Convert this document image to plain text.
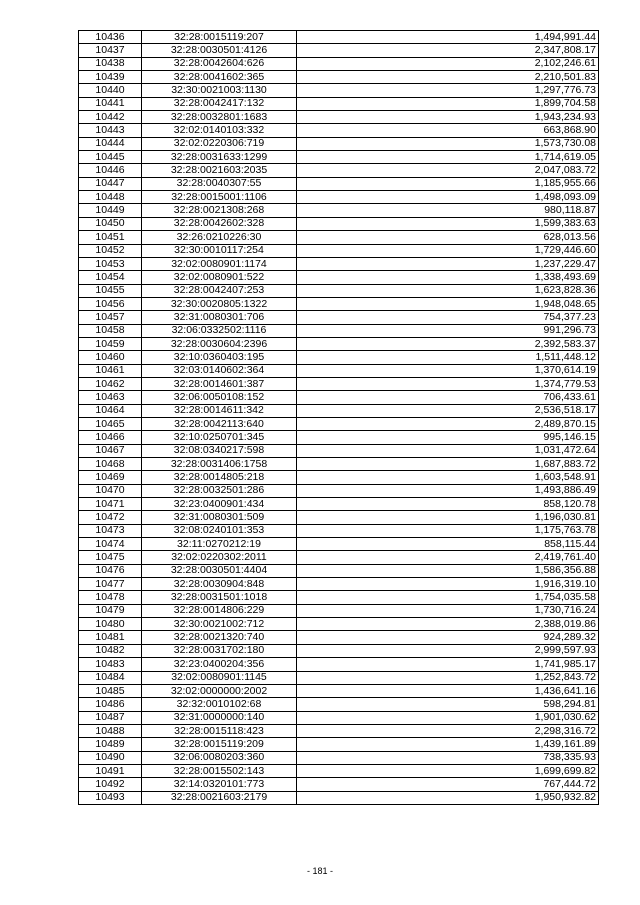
10436	32:28:0015119:207	1,494,991.44
10437	32:28:0030501:4126	2,347,808.17
10438	32:28:0042604:626	2,102,246.61
10439	32:28:0041602:365	2,210,501.83
10440	32:30:0021003:1130	1,297,776.73
10441	32:28:0042417:132	1,899,704.58
10442	32:28:0032801:1683	1,943,234.93
10443	32:02:0140103:332	663,868.90
10444	32:02:0220306:719	1,573,730.08
10445	32:28:0031633:1299	1,714,619.05
10446	32:28:0021603:2035	2,047,083.72
10447	32:28:0040307:55	1,185,955.66
10448	32:28:0015001:1106	1,498,093.09
10449	32:28:0021308:268	980,118.87
10450	32:28:0042602:328	1,599,383.63
10451	32:26:0210226:30	628,013.56
10452	32:30:0010117:254	1,729,446.60
10453	32:02:0080901:1174	1,237,229.47
10454	32:02:0080901:522	1,338,493.69
10455	32:28:0042407:253	1,623,828.36
10456	32:30:0020805:1322	1,948,048.65
10457	32:31:0080301:706	754,377.23
10458	32:06:0332502:1116	991,296.73
10459	32:28:0030604:2396	2,392,583.37
10460	32:10:0360403:195	1,511,448.12
10461	32:03:0140602:364	1,370,614.19
10462	32:28:0014601:387	1,374,779.53
10463	32:06:0050108:152	706,433.61
10464	32:28:0014611:342	2,536,518.17
10465	32:28:0042113:640	2,489,870.15
10466	32:10:0250701:345	995,146.15
10467	32:08:0340217:598	1,031,472.64
10468	32:28:0031406:1758	1,687,883.72
10469	32:28:0014805:218	1,603,548.91
10470	32:28:0032501:286	1,493,886.49
10471	32:23:0400901:434	858,120.78
10472	32:31:0080301:509	1,196,030.81
10473	32:08:0240101:353	1,175,763.78
10474	32:11:0270212:19	858,115.44
10475	32:02:0220302:2011	2,419,761.40
10476	32:28:0030501:4404	1,586,356.88
10477	32:28:0030904:848	1,916,319.10
10478	32:28:0031501:1018	1,754,035.58
10479	32:28:0014806:229	1,730,716.24
10480	32:30:0021002:712	2,388,019.86
10481	32:28:0021320:740	924,289.32
10482	32:28:0031702:180	2,999,597.93
10483	32:23:0400204:356	1,741,985.17
10484	32:02:0080901:1145	1,252,843.72
10485	32:02:0000000:2002	1,436,641.16
10486	32:32:0010102:68	598,294.81
10487	32:31:0000000:140	1,901,030.62
10488	32:28:0015118:423	2,298,316.72
10489	32:28:0015119:209	1,439,161.89
10490	32:06:0080203:360	738,335.93
10491	32:28:0015502:143	1,699,699.82
10492	32:14:0320101:773	767,444.72
10493	32:28:0021603:2179	1,950,932.82
- 181 -
